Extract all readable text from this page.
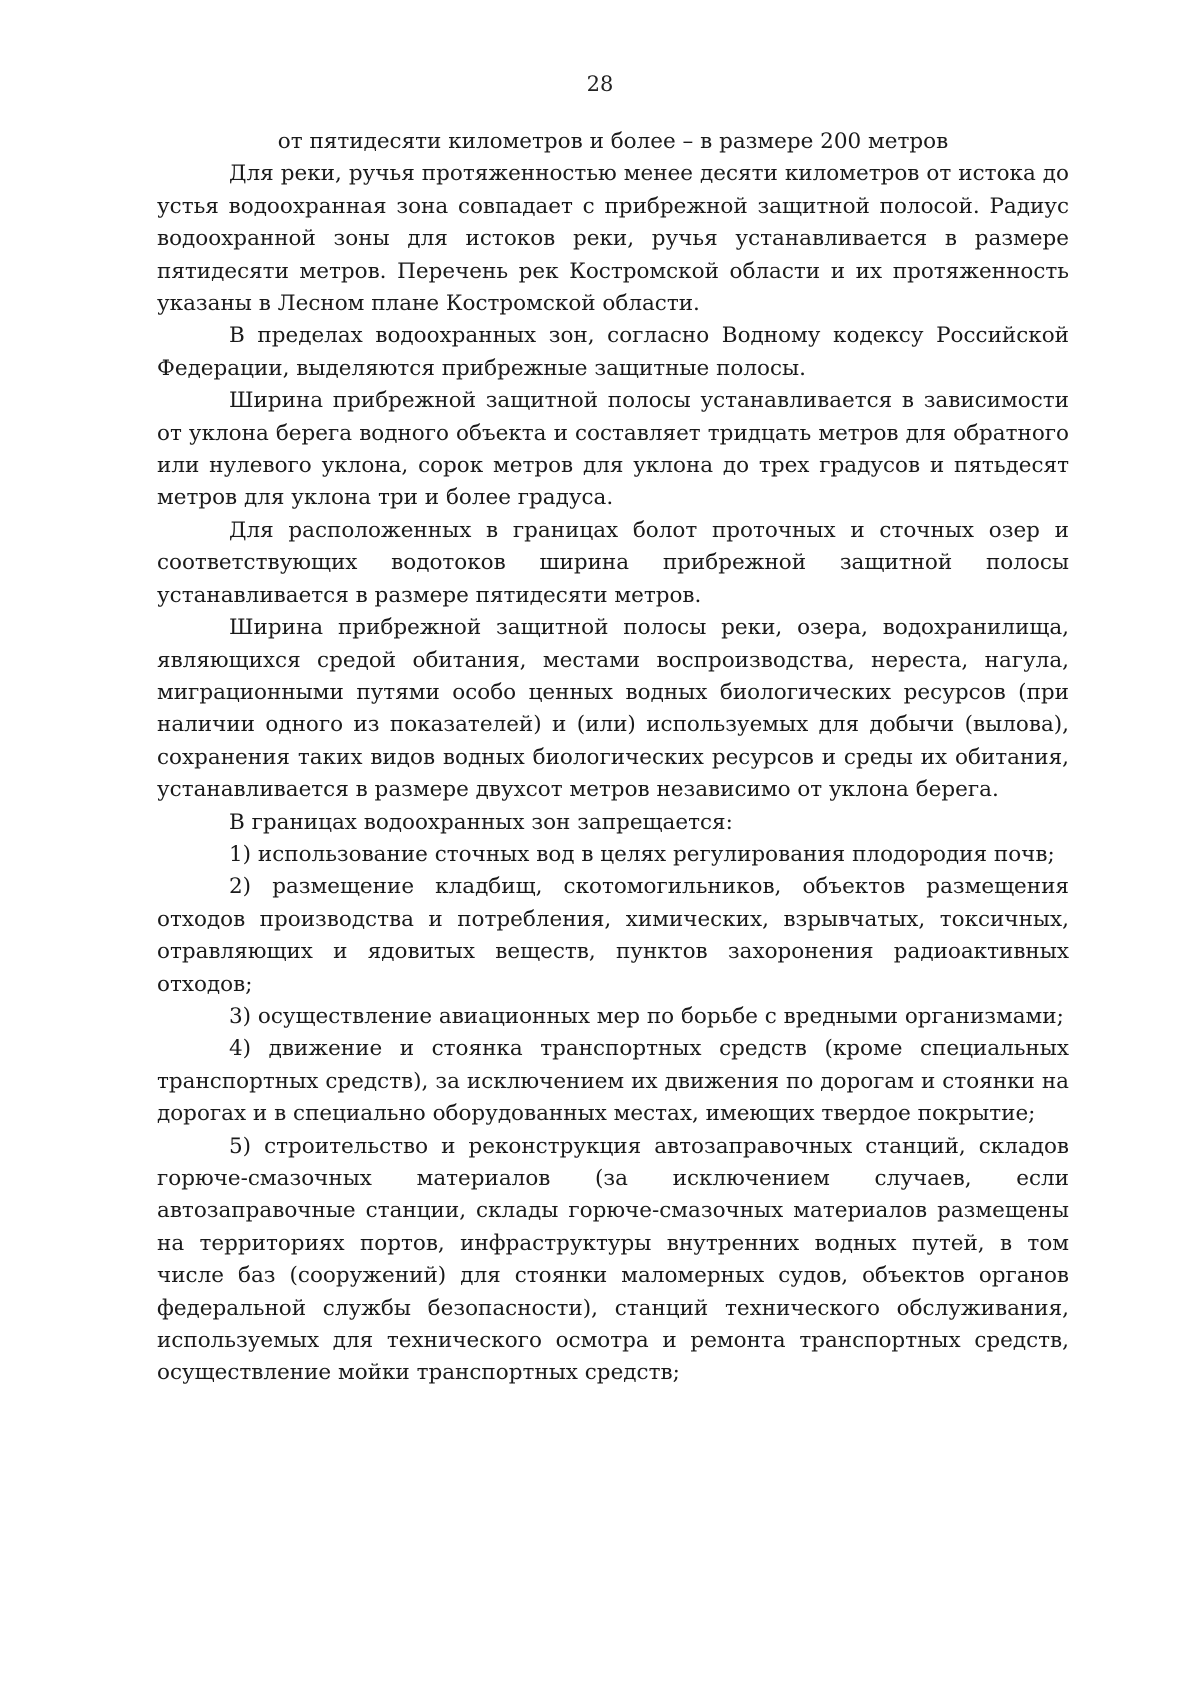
28

от пятидесяти километров и более – в размере 200 метров

Для реки, ручья протяженностью менее десяти километров от истока до устья водоохранная зона совпадает с прибрежной защитной полосой. Радиус водоохранной зоны для истоков реки, ручья устанавливается в размере пятидесяти метров. Перечень рек Костромской области и их протяженность указаны в Лесном плане Костромской области.

В пределах водоохранных зон, согласно Водному кодексу Российской Федерации, выделяются прибрежные защитные полосы.

Ширина прибрежной защитной полосы устанавливается в зависимости от уклона берега водного объекта и составляет тридцать метров для обратного или нулевого уклона, сорок метров для уклона до трех градусов и пятьдесят метров для уклона три и более градуса.

Для расположенных в границах болот проточных и сточных озер и соответствующих водотоков ширина прибрежной защитной полосы устанавливается в размере пятидесяти метров.

Ширина прибрежной защитной полосы реки, озера, водохранилища, являющихся средой обитания, местами воспроизводства, нереста, нагула, миграционными путями особо ценных водных биологических ресурсов (при наличии одного из показателей) и (или) используемых для добычи (вылова), сохранения таких видов водных биологических ресурсов и среды их обитания, устанавливается в размере двухсот метров независимо от уклона берега.

В границах водоохранных зон запрещается:

1) использование сточных вод в целях регулирования плодородия почв;

2) размещение кладбищ, скотомогильников, объектов размещения отходов производства и потребления, химических, взрывчатых, токсичных, отравляющих и ядовитых веществ, пунктов захоронения радиоактивных отходов;

3) осуществление авиационных мер по борьбе с вредными организмами;

4) движение и стоянка транспортных средств (кроме специальных транспортных средств), за исключением их движения по дорогам и стоянки на дорогах и в специально оборудованных местах, имеющих твердое покрытие;

5) строительство и реконструкция автозаправочных станций, складов горюче-смазочных материалов (за исключением случаев, если автозаправочные станции, склады горюче-смазочных материалов размещены на территориях портов, инфраструктуры внутренних водных путей, в том числе баз (сооружений) для стоянки маломерных судов, объектов органов федеральной службы безопасности), станций технического обслуживания, используемых для технического осмотра и ремонта транспортных средств, осуществление мойки транспортных средств;
